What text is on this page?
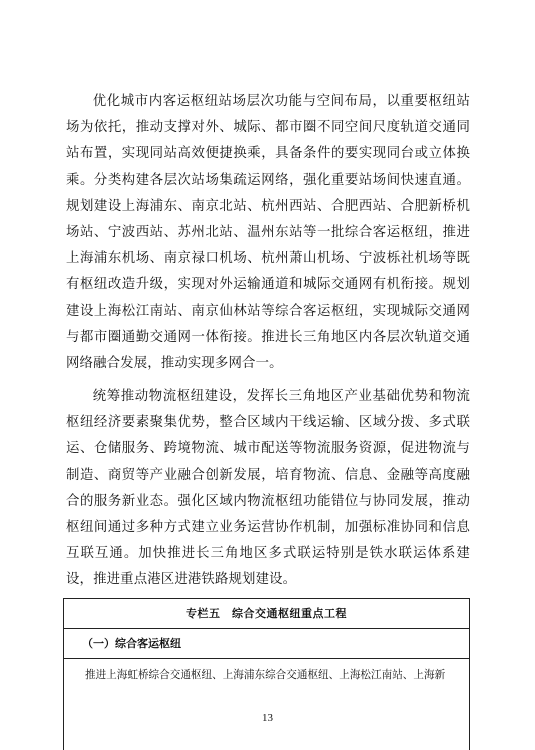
优化城市内客运枢纽站场层次功能与空间布局，以重要枢纽站场为依托，推动支撑对外、城际、都市圈不同空间尺度轨道交通同站布置，实现同站高效便捷换乘，具备条件的要实现同台或立体换乘。分类构建各层次站场集疏运网络，强化重要站场间快速直通。规划建设上海浦东、南京北站、杭州西站、合肥西站、合肥新桥机场站、宁波西站、苏州北站、温州东站等一批综合客运枢纽，推进上海浦东机场、南京禄口机场、杭州萧山机场、宁波栎社机场等既有枢纽改造升级，实现对外运输通道和城际交通网有机衔接。规划建设上海松江南站、南京仙林站等综合客运枢纽，实现城际交通网与都市圈通勤交通网一体衔接。推进长三角地区内各层次轨道交通网络融合发展，推动实现多网合一。

统筹推动物流枢纽建设，发挥长三角地区产业基础优势和物流枢纽经济要素聚集优势，整合区域内干线运输、区域分拨、多式联运、仓储服务、跨境物流、城市配送等物流服务资源，促进物流与制造、商贸等产业融合创新发展，培育物流、信息、金融等高度融合的服务新业态。强化区域内物流枢纽功能错位与协同发展，推动枢纽间通过多种方式建立业务运营协作机制，加强标准协同和信息互联互通。加快推进长三角地区多式联运特别是铁水联运体系建设，推进重点港区进港铁路规划建设。

专栏五　综合交通枢纽重点工程
（一）综合客运枢纽
推进上海虹桥综合交通枢纽、上海浦东综合交通枢纽、上海松江南站、上海新
13
